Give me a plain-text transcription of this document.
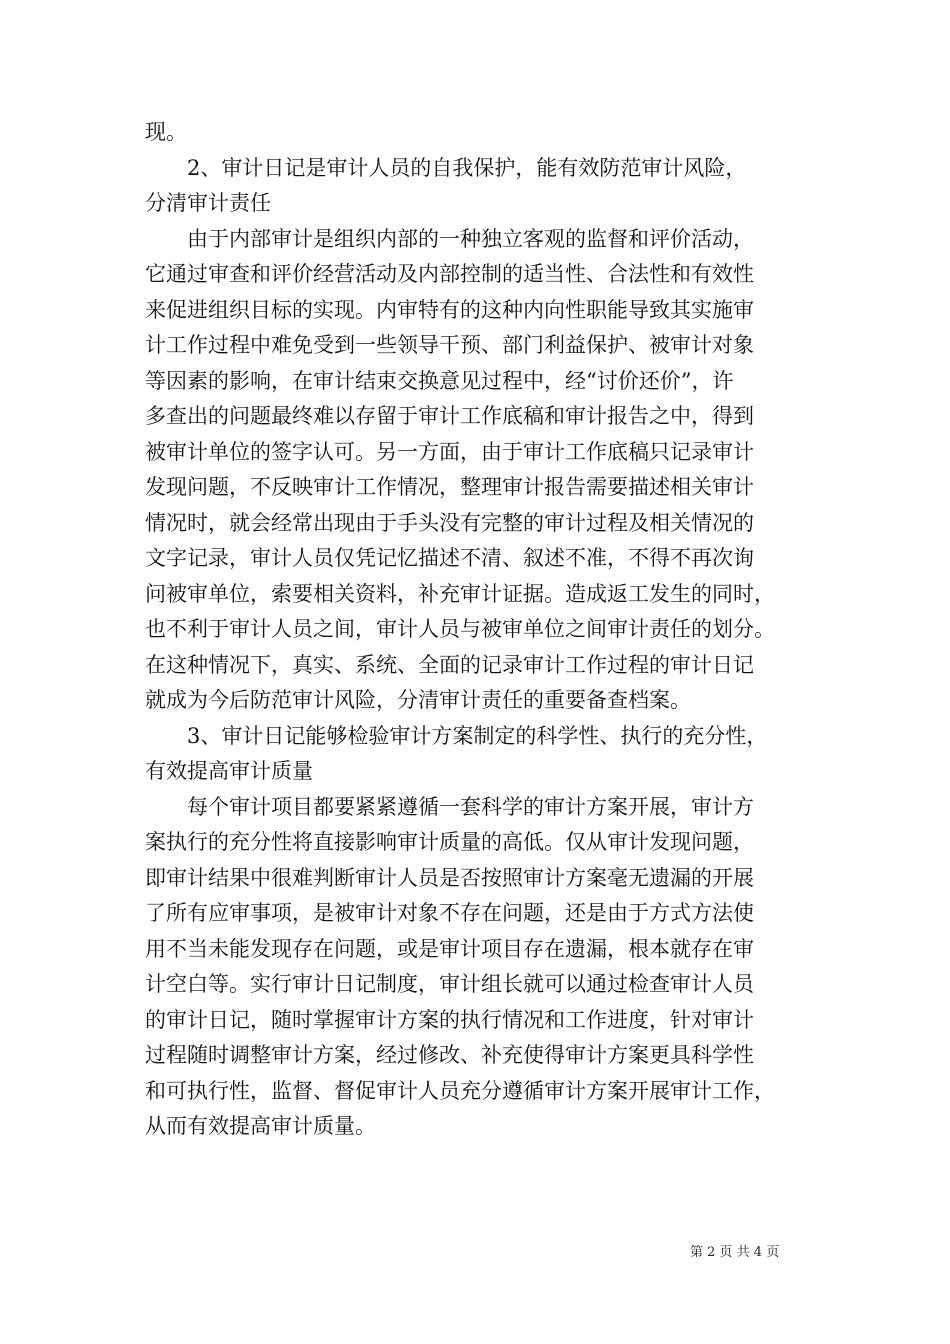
现。
　　2、审计日记是审计人员的自我保护，能有效防范审计风险，
分清审计责任
　　由于内部审计是组织内部的一种独立客观的监督和评价活动，
它通过审查和评价经营活动及内部控制的适当性、合法性和有效性
来促进组织目标的实现。内审特有的这种内向性职能导致其实施审
计工作过程中难免受到一些领导干预、部门利益保护、被审计对象
等因素的影响，在审计结束交换意见过程中，经“讨价还价”，许
多查出的问题最终难以存留于审计工作底稿和审计报告之中，得到
被审计单位的签字认可。另一方面，由于审计工作底稿只记录审计
发现问题，不反映审计工作情况，整理审计报告需要描述相关审计
情况时，就会经常出现由于手头没有完整的审计过程及相关情况的
文字记录，审计人员仅凭记忆描述不清、叙述不准，不得不再次询
问被审单位，索要相关资料，补充审计证据。造成返工发生的同时，
也不利于审计人员之间，审计人员与被审单位之间审计责任的划分。
在这种情况下，真实、系统、全面的记录审计工作过程的审计日记
就成为今后防范审计风险，分清审计责任的重要备查档案。
　　3、审计日记能够检验审计方案制定的科学性、执行的充分性，
有效提高审计质量
　　每个审计项目都要紧紧遵循一套科学的审计方案开展，审计方
案执行的充分性将直接影响审计质量的高低。仅从审计发现问题，
即审计结果中很难判断审计人员是否按照审计方案毫无遗漏的开展
了所有应审事项，是被审计对象不存在问题，还是由于方式方法使
用不当未能发现存在问题，或是审计项目存在遗漏，根本就存在审
计空白等。实行审计日记制度，审计组长就可以通过检查审计人员
的审计日记，随时掌握审计方案的执行情况和工作进度，针对审计
过程随时调整审计方案，经过修改、补充使得审计方案更具科学性
和可执行性，监督、督促审计人员充分遵循审计方案开展审计工作，
从而有效提高审计质量。
第 2 页 共 4 页
